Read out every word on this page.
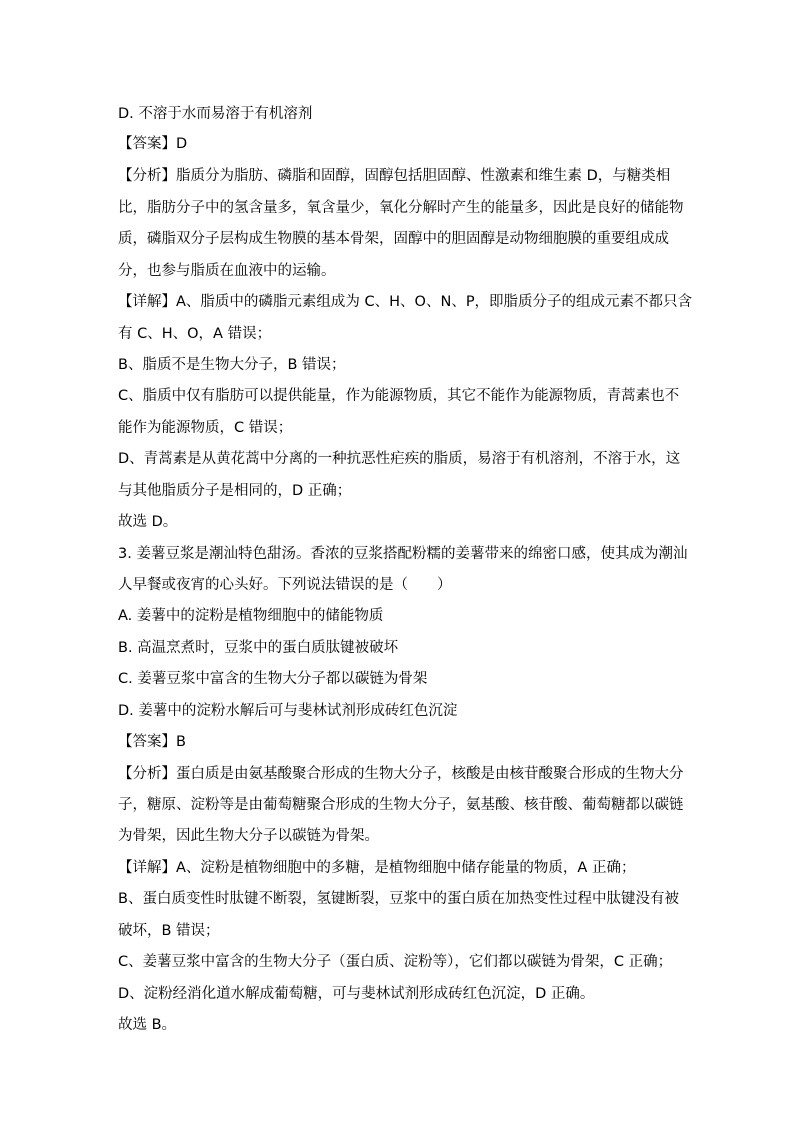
D. 不溶于水而易溶于有机溶剂
【答案】D
【分析】脂质分为脂肪、磷脂和固醇，固醇包括胆固醇、性激素和维生素 D，与糖类相
比，脂肪分子中的氢含量多，氧含量少，氧化分解时产生的能量多，因此是良好的储能物
质，磷脂双分子层构成生物膜的基本骨架，固醇中的胆固醇是动物细胞膜的重要组成成
分，也参与脂质在血液中的运输。
【详解】A、脂质中的磷脂元素组成为 C、H、O、N、P，即脂质分子的组成元素不都只含
有 C、H、O，A 错误；
B、脂质不是生物大分子，B 错误；
C、脂质中仅有脂肪可以提供能量，作为能源物质，其它不能作为能源物质，青蒿素也不
能作为能源物质，C 错误；
D、青蒿素是从黄花蒿中分离的一种抗恶性疟疾的脂质，易溶于有机溶剂，不溶于水，这
与其他脂质分子是相同的，D 正确；
故选 D。
3. 姜薯豆浆是潮汕特色甜汤。香浓的豆浆搭配粉糯的姜薯带来的绵密口感，使其成为潮汕
人早餐或夜宵的心头好。下列说法错误的是（　　）
A. 姜薯中的淀粉是植物细胞中的储能物质
B. 高温烹煮时，豆浆中的蛋白质肽键被破坏
C. 姜薯豆浆中富含的生物大分子都以碳链为骨架
D. 姜薯中的淀粉水解后可与斐林试剂形成砖红色沉淀
【答案】B
【分析】蛋白质是由氨基酸聚合形成的生物大分子，核酸是由核苷酸聚合形成的生物大分
子，糖原、淀粉等是由葡萄糖聚合形成的生物大分子，氨基酸、核苷酸、葡萄糖都以碳链
为骨架，因此生物大分子以碳链为骨架。
【详解】A、淀粉是植物细胞中的多糖，是植物细胞中储存能量的物质，A 正确；
B、蛋白质变性时肽键不断裂，氢键断裂，豆浆中的蛋白质在加热变性过程中肽键没有被
破坏，B 错误；
C、姜薯豆浆中富含的生物大分子（蛋白质、淀粉等），它们都以碳链为骨架，C 正确；
D、淀粉经消化道水解成葡萄糖，可与斐林试剂形成砖红色沉淀，D 正确。
故选 B。
